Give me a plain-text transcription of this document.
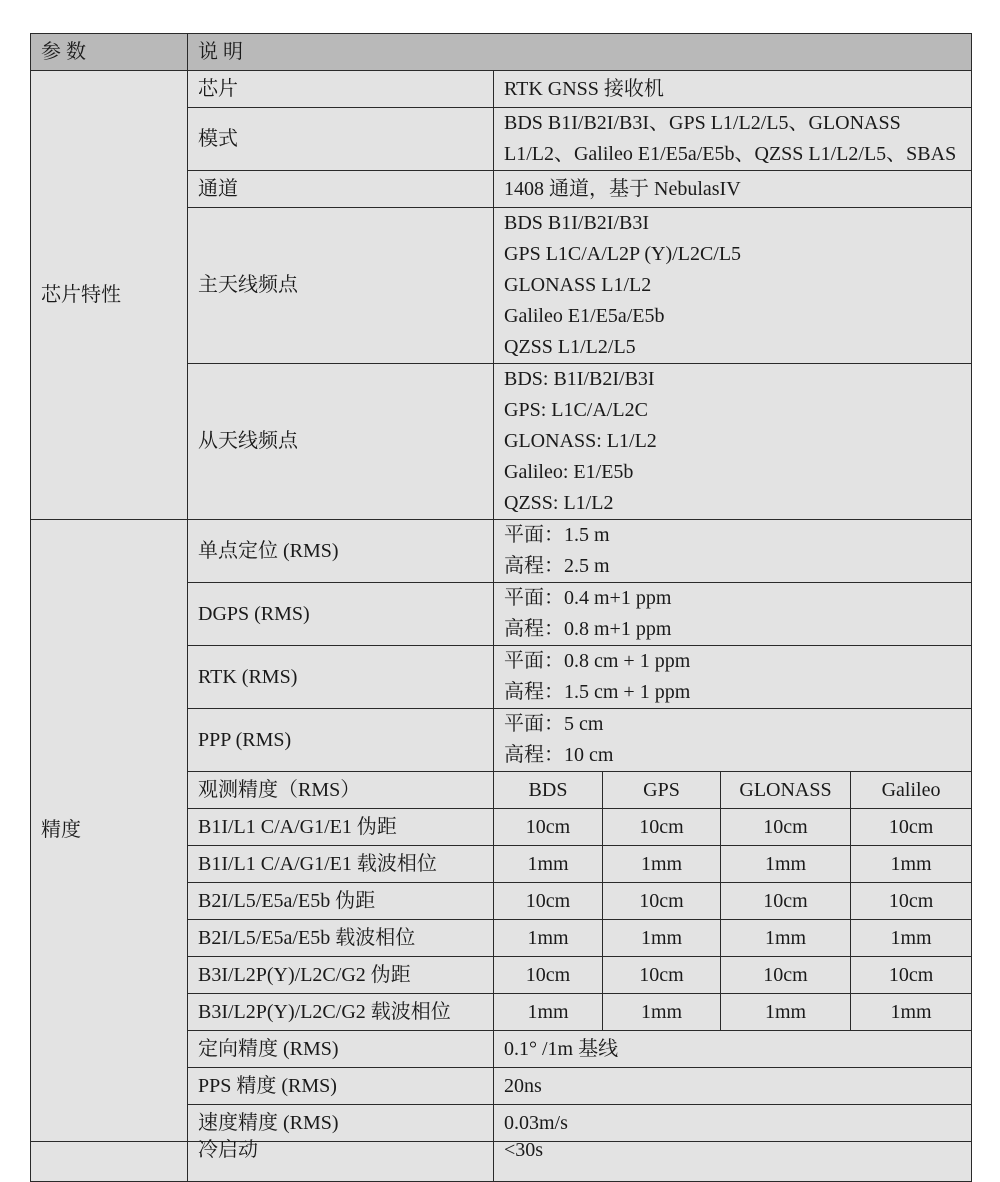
参 数	说 明				
芯片特性	芯片	RTK GNSS 接收机			

	模式	BDS B1I/B2I/B3I、GPS L1/L2/L5、GLONASS
L1/L2、Galileo E1/E5a/E5b、QZSS L1/L2/L5、SBAS			

	通道	1408 通道，基于 NebulasIV			

	主天线频点	BDS B1I/B2I/B3I
GPS L1C/A/L2P (Y)/L2C/L5
GLONASS L1/L2
Galileo E1/E5a/E5b
QZSS L1/L2/L5			

	从天线频点	BDS: B1I/B2I/B3I
GPS: L1C/A/L2C
GLONASS: L1/L2
Galileo: E1/E5b
QZSS: L1/L2			

精度	单点定位 (RMS)	平面：1.5 m
高程：2.5 m			

	DGPS (RMS)	平面：0.4 m+1 ppm
高程：0.8 m+1 ppm			

	RTK (RMS)	平面：0.8 cm + 1 ppm
高程：1.5 cm + 1 ppm			

	PPP (RMS)	平面：5 cm
高程：10 cm			

	观测精度（RMS）	BDS	GPS	GLONASS	Galileo
	B1I/L1 C/A/G1/E1 伪距	10cm	10cm	10cm	10cm
	B1I/L1 C/A/G1/E1 载波相位	1mm	1mm	1mm	1mm
	B2I/L5/E5a/E5b 伪距	10cm	10cm	10cm	10cm
	B2I/L5/E5a/E5b 载波相位	1mm	1mm	1mm	1mm
	B3I/L2P(Y)/L2C/G2 伪距	10cm	10cm	10cm	10cm
	B3I/L2P(Y)/L2C/G2 载波相位	1mm	1mm	1mm	1mm
	定向精度 (RMS)	0.1° /1m 基线			
	PPS 精度 (RMS)	20ns			
	速度精度 (RMS)	0.03m/s			

	冷启动	<30s			
